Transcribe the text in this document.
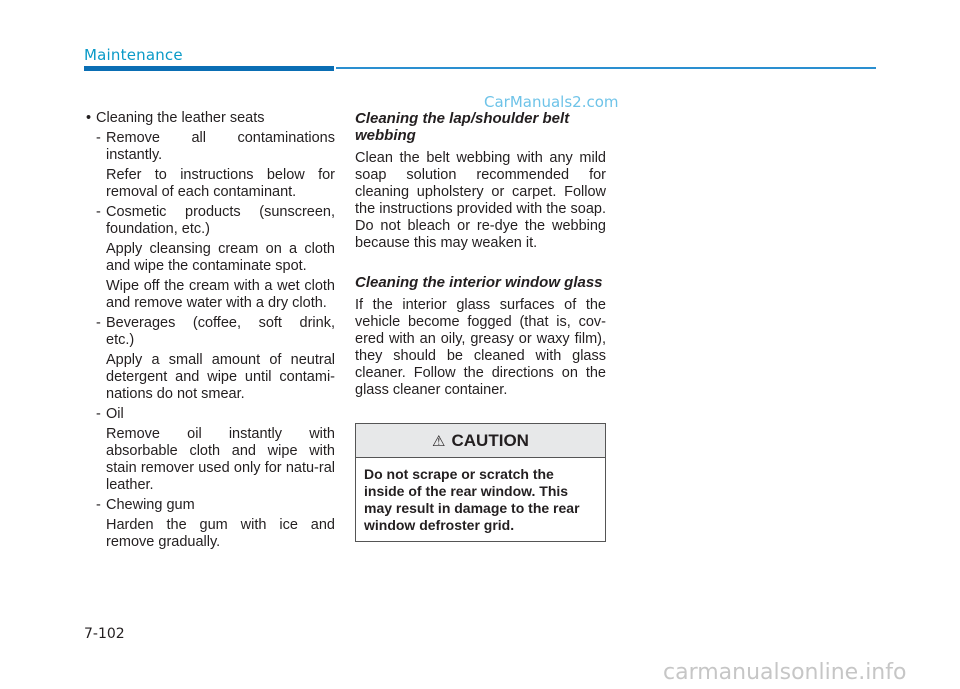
Maintenance
CarManuals2.com
• Cleaning the leather seats
- Remove all contaminations
instantly.
Refer to instructions below for removal of each contaminant.
- Cosmetic products (sunscreen,
foundation, etc.)
Apply cleansing cream on a cloth and wipe the contaminate spot.
Wipe off the cream with a wet cloth and remove water with a dry cloth.
- Beverages (coffee, soft drink,
etc.)
Apply a small amount of neutral detergent and wipe until contami-nations do not smear.
- Oil
Remove oil instantly with absorbable cloth and wipe with stain remover used only for natu-ral leather.
- Chewing gum
Harden the gum with ice and remove gradually.
Cleaning the lap/shoulder belt webbing
Clean the belt webbing with any mild soap solution recommended for cleaning upholstery or carpet. Follow the instructions provided with the soap. Do not bleach or re-dye the webbing because this may weaken it.
Cleaning the interior window glass
If the interior glass surfaces of the vehicle become fogged (that is, cov-ered with an oily, greasy or waxy film), they should be cleaned with glass cleaner. Follow the directions on the glass cleaner container.
⚠ CAUTION
Do not scrape or scratch the inside of the rear window. This may result in damage to the rear window defroster grid.
7-102
carmanualsonline.info
